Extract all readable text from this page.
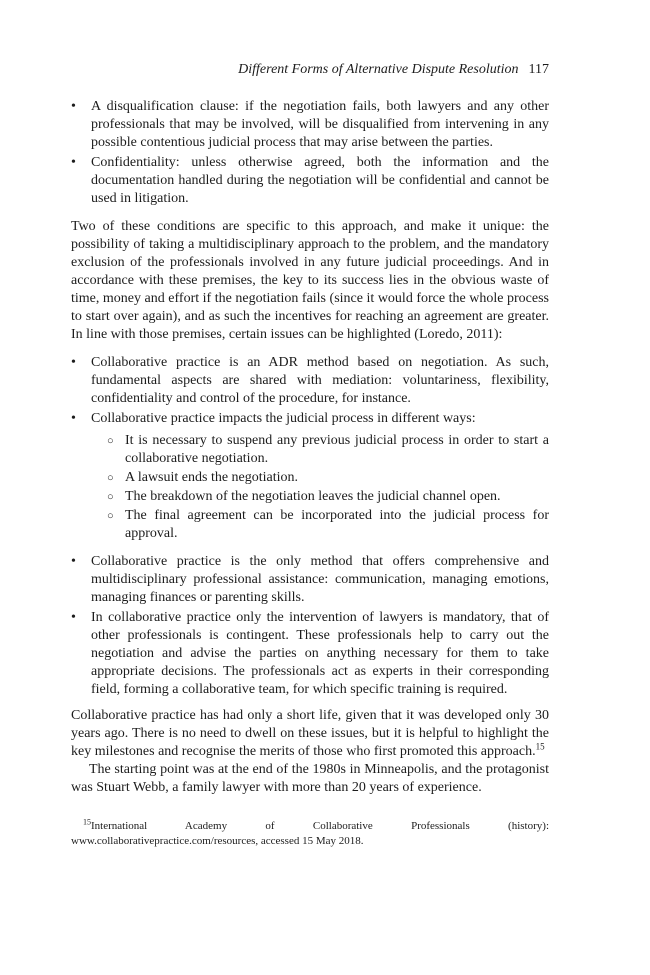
Different Forms of Alternative Dispute Resolution 117
• A disqualification clause: if the negotiation fails, both lawyers and any other professionals that may be involved, will be disqualified from intervening in any possible contentious judicial process that may arise between the parties.
• Confidentiality: unless otherwise agreed, both the information and the documentation handled during the negotiation will be confidential and cannot be used in litigation.

Two of these conditions are specific to this approach, and make it unique: the possibility of taking a multidisciplinary approach to the problem, and the mandatory exclusion of the professionals involved in any future judicial proceedings. And in accordance with these premises, the key to its success lies in the obvious waste of time, money and effort if the negotiation fails (since it would force the whole process to start over again), and as such the incentives for reaching an agreement are greater. In line with those premises, certain issues can be highlighted (Loredo, 2011):

• Collaborative practice is an ADR method based on negotiation. As such, fundamental aspects are shared with mediation: voluntariness, flexibility, confidentiality and control of the procedure, for instance.
• Collaborative practice impacts the judicial process in different ways:
○ It is necessary to suspend any previous judicial process in order to start a collaborative negotiation.
○ A lawsuit ends the negotiation.
○ The breakdown of the negotiation leaves the judicial channel open.
○ The final agreement can be incorporated into the judicial process for approval.
• Collaborative practice is the only method that offers comprehensive and multidisciplinary professional assistance: communication, managing emotions, managing finances or parenting skills.
• In collaborative practice only the intervention of lawyers is mandatory, that of other professionals is contingent. These professionals help to carry out the negotiation and advise the parties on anything necessary for them to take appropriate decisions. The professionals act as experts in their corresponding field, forming a collaborative team, for which specific training is required.

Collaborative practice has had only a short life, given that it was developed only 30 years ago. There is no need to dwell on these issues, but it is helpful to highlight the key milestones and recognise the merits of those who first promoted this approach.$^{15}$

The starting point was at the end of the 1980s in Minneapolis, and the protagonist was Stuart Webb, a family lawyer with more than 20 years of experience.

$^{15}$International Academy of Collaborative Professionals (history): www.collaborativepractice.com/resources, accessed 15 May 2018.
